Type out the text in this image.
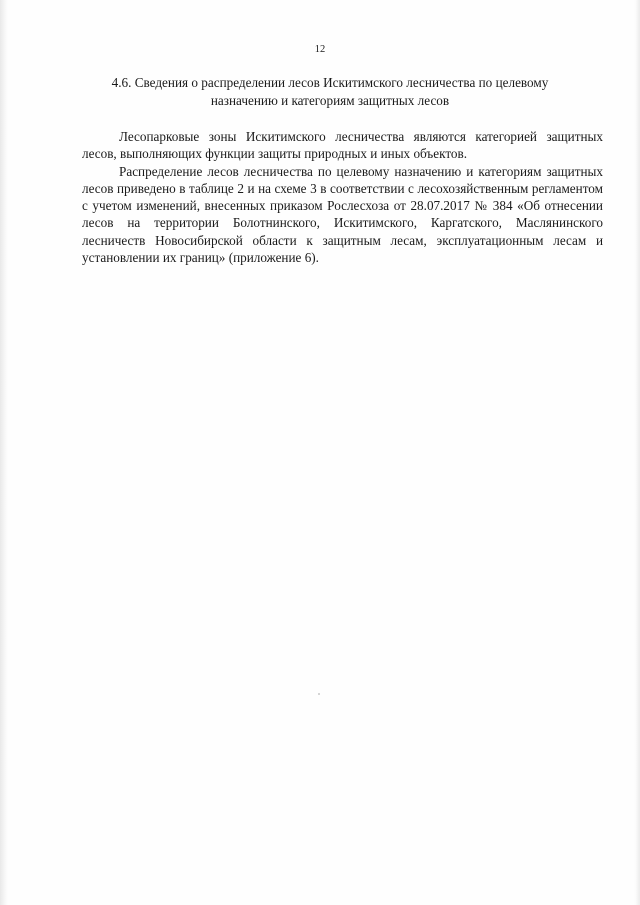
12
4.6. Сведения о распределении лесов Искитимского лесничества по целевому назначению и категориям защитных лесов

Лесопарковые зоны Искитимского лесничества являются категорией защитных лесов, выполняющих функции защиты природных и иных объектов.

Распределение лесов лесничества по целевому назначению и категориям защитных лесов приведено в таблице 2 и на схеме 3 в соответствии с лесохозяйственным регламентом с учетом изменений, внесенных приказом Рослесхоза от 28.07.2017 № 384 «Об отнесении лесов на территории Болотнинского, Искитимского, Каргатского, Маслянинского лесничеств Новосибирской области к защитным лесам, эксплуатационным лесам и установлении их границ» (приложение 6).
